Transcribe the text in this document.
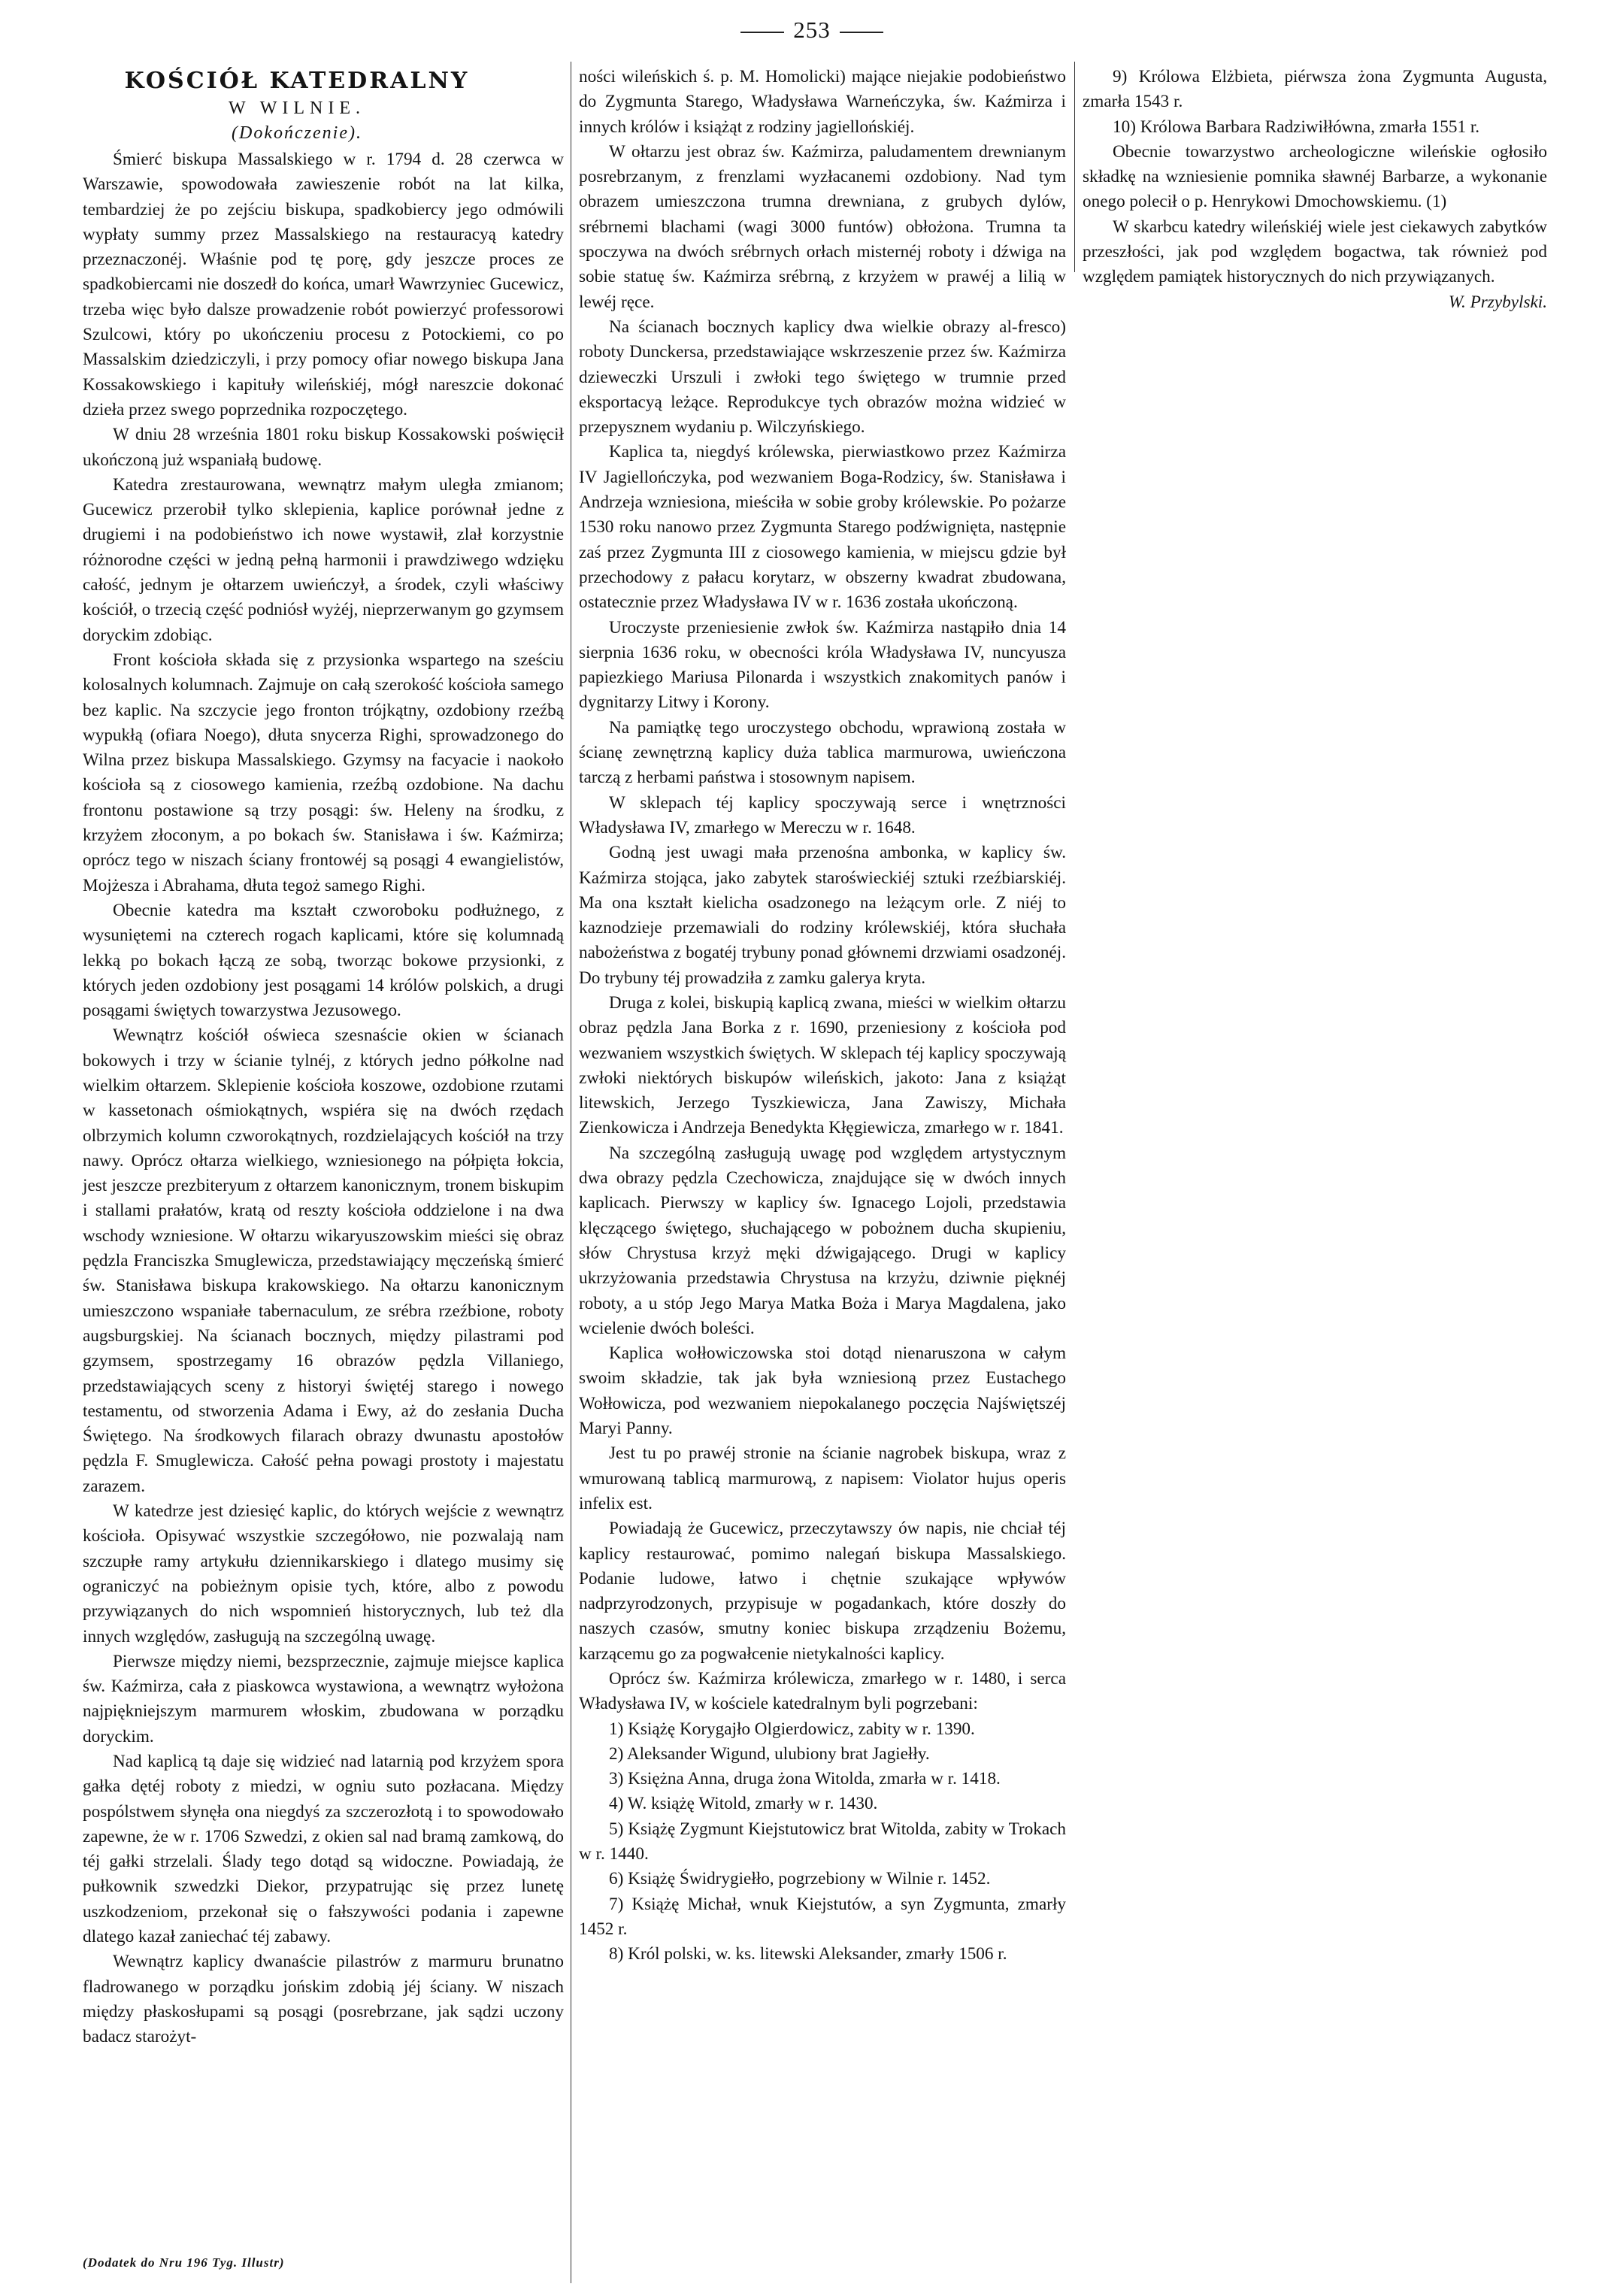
253
KOŚCIÓŁ KATEDRALNY
W WILNIE.
(Dokończenie).

Śmierć biskupa Massalskiego w r. 1794 d. 28 czerwca w Warszawie, spowodowała zawieszenie robót na lat kilka, tembardziej że po zejściu biskupa, spadkobiercy jego odmówili wypłaty summy przez Massalskiego na restauracyą katedry przeznaczonéj. Właśnie pod tę porę, gdy jeszcze proces ze spadkobiercami nie doszedł do końca, umarł Wawrzyniec Gucewicz, trzeba więc było dalsze prowadzenie robót powierzyć professorowi Szulcowi, który po ukończeniu procesu z Potockiemi, co po Massalskim dziedziczyli, i przy pomocy ofiar nowego biskupa Jana Kossakowskiego i kapituły wileńskiéj, mógł nareszcie dokonać dzieła przez swego poprzednika rozpoczętego.

W dniu 28 września 1801 roku biskup Kossakowski poświęcił ukończoną już wspaniałą budowę.

Katedra zrestaurowana, wewnątrz małym uległa zmianom; Gucewicz przerobił tylko sklepienia, kaplice porównał jedne z drugiemi i na podobieństwo ich nowe wystawił, zlał korzystnie różnorodne części w jedną pełną harmonii i prawdziwego wdzięku całość, jednym je ołtarzem uwieńczył, a środek, czyli właściwy kościół, o trzecią część podniósł wyżéj, nieprzerwanym go gzymsem doryckim zdobiąc.

Front kościoła składa się z przysionka wspartego na sześciu kolosalnych kolumnach. Zajmuje on całą szerokość kościoła samego bez kaplic. Na szczycie jego fronton trójkątny, ozdobiony rzeźbą wypukłą (ofiara Noego), dłuta snycerza Righi, sprowadzonego do Wilna przez biskupa Massalskiego. Gzymsy na facyacie i naokoło kościoła są z ciosowego kamienia, rzeźbą ozdobione. Na dachu frontonu postawione są trzy posągi: św. Heleny na środku, z krzyżem złoconym, a po bokach św. Stanisława i św. Kaźmirza; oprócz tego w niszach ściany frontowéj są posągi 4 ewangielistów, Mojżesza i Abrahama, dłuta tegoż samego Righi.

Obecnie katedra ma kształt czworoboku podłużnego, z wysuniętemi na czterech rogach kaplicami, które się kolumnadą lekką po bokach łączą ze sobą, tworząc bokowe przysionki, z których jeden ozdobiony jest posągami 14 królów polskich, a drugi posągami świętych towarzystwa Jezusowego.

Wewnątrz kościół oświeca szesnaście okien w ścianach bokowych i trzy w ścianie tylnéj, z których jedno półkolne nad wielkim ołtarzem. Sklepienie kościoła koszowe, ozdobione rzutami w kassetonach ośmiokątnych, wspiéra się na dwóch rzędach olbrzymich kolumn czworokątnych, rozdzielających kościół na trzy nawy. Oprócz ołtarza wielkiego, wzniesionego na półpięta łokcia, jest jeszcze prezbiteryum z ołtarzem kanonicznym, tronem biskupim i stallami prałatów, kratą od reszty kościoła oddzielone i na dwa wschody wzniesione. W ołtarzu wikaryuszowskim mieści się obraz pędzla Franciszka Smuglewicza, przedstawiający męczeńską śmierć św. Stanisława biskupa krakowskiego. Na ołtarzu kanonicznym umieszczono wspaniałe tabernaculum, ze srébra rzeźbione, roboty augsburgskiej. Na ścianach bocznych, między pilastrami pod gzymsem, spostrzegamy 16 obrazów pędzla Villaniego, przedstawiających sceny z historyi świętéj starego i nowego testamentu, od stworzenia Adama i Ewy, aż do zesłania Ducha Świętego. Na środkowych filarach obrazy dwunastu apostołów pędzla F. Smuglewicza. Całość pełna powagi prostoty i majestatu zarazem.

W katedrze jest dziesięć kaplic, do których wejście z wewnątrz kościoła. Opisywać wszystkie szczegółowo, nie pozwalają nam szczupłe ramy artykułu dziennikarskiego i dlatego musimy się ograniczyć na pobieżnym opisie tych, które, albo z powodu przywiązanych do nich wspomnień historycznych, lub też dla innych względów, zasługują na szczególną uwagę.

Pierwsze między niemi, bezsprzecznie, zajmuje miejsce kaplica św. Kaźmirza, cała z piaskowca wystawiona, a wewnątrz wyłożona najpiękniejszym marmurem włoskim, zbudowana w porządku doryckim.

Nad kaplicą tą daje się widzieć nad latarnią pod krzyżem spora gałka dętéj roboty z miedzi, w ogniu suto pozłacana. Między pospólstwem słynęła ona niegdyś za szczerozłotą i to spowodowało zapewne, że w r. 1706 Szwedzi, z okien sal nad bramą zamkową, do téj gałki strzelali. Ślady tego dotąd są widoczne. Powiadają, że pułkownik szwedzki Diekor, przypatrując się przez lunetę uszkodzeniom, przekonał się o fałszywości podania i zapewne dlatego kazał zaniechać téj zabawy.

Wewnątrz kaplicy dwanaście pilastrów z marmuru brunatno fladrowanego w porządku jońskim zdobią jéj ściany. W niszach między płaskosłupami są posągi (posrebrzane, jak sądzi uczony badacz starożyt-

ności wileńskich ś. p. M. Homolicki) mające niejakie podobieństwo do Zygmunta Starego, Władysława Warneńczyka, św. Kaźmirza i innych królów i książąt z rodziny jagiellońskiéj.

W ołtarzu jest obraz św. Kaźmirza, paludamentem drewnianym posrebrzanym, z frenzlami wyzłacanemi ozdobiony. Nad tym obrazem umieszczona trumna drewniana, z grubych dylów, srébrnemi blachami (wagi 3000 funtów) obłożona. Trumna ta spoczywa na dwóch srébrnych orłach misternéj roboty i dźwiga na sobie statuę św. Kaźmirza srébrną, z krzyżem w prawéj a lilią w lewéj ręce.

Na ścianach bocznych kaplicy dwa wielkie obrazy al-fresco) roboty Dunckersa, przedstawiające wskrzeszenie przez św. Kaźmirza dzieweczki Urszuli i zwłoki tego świętego w trumnie przed eksportacyą leżące. Reprodukcye tych obrazów można widzieć w przepysznem wydaniu p. Wilczyńskiego.

Kaplica ta, niegdyś królewska, pierwiastkowo przez Kaźmirza IV Jagiellończyka, pod wezwaniem Boga-Rodzicy, św. Stanisława i Andrzeja wzniesiona, mieściła w sobie groby królewskie. Po pożarze 1530 roku nanowo przez Zygmunta Starego podźwignięta, następnie zaś przez Zygmunta III z ciosowego kamienia, w miejscu gdzie był przechodowy z pałacu korytarz, w obszerny kwadrat zbudowana, ostatecznie przez Władysława IV w r. 1636 została ukończoną.

Uroczyste przeniesienie zwłok św. Kaźmirza nastąpiło dnia 14 sierpnia 1636 roku, w obecności króla Władysława IV, nuncyusza papiezkiego Mariusa Pilonarda i wszystkich znakomitych panów i dygnitarzy Litwy i Korony.

Na pamiątkę tego uroczystego obchodu, wprawioną została w ścianę zewnętrzną kaplicy duża tablica marmurowa, uwieńczona tarczą z herbami państwa i stosownym napisem.

W sklepach téj kaplicy spoczywają serce i wnętrzności Władysława IV, zmarłego w Mereczu w r. 1648.

Godną jest uwagi mała przenośna ambonka, w kaplicy św. Kaźmirza stojąca, jako zabytek staroświeckiéj sztuki rzeźbiarskiéj. Ma ona kształt kielicha osadzonego na leżącym orle. Z niéj to kaznodzieje przemawiali do rodziny królewskiéj, która słuchała nabożeństwa z bogatéj trybuny ponad głównemi drzwiami osadzonéj. Do trybuny téj prowadziła z zamku galerya kryta.

Druga z kolei, biskupią kaplicą zwana, mieści w wielkim ołtarzu obraz pędzla Jana Borka z r. 1690, przeniesiony z kościoła pod wezwaniem wszystkich świętych. W sklepach téj kaplicy spoczywają zwłoki niektórych biskupów wileńskich, jakoto: Jana z książąt litewskich, Jerzego Tyszkiewicza, Jana Zawiszy, Michała Zienkowicza i Andrzeja Benedykta Kłęgiewicza, zmarłego w r. 1841.

Na szczególną zasługują uwagę pod względem artystycznym dwa obrazy pędzla Czechowicza, znajdujące się w dwóch innych kaplicach. Pierwszy w kaplicy św. Ignacego Lojoli, przedstawia klęczącego świętego, słuchającego w pobożnem ducha skupieniu, słów Chrystusa krzyż męki dźwigającego. Drugi w kaplicy ukrzyżowania przedstawia Chrystusa na krzyżu, dziwnie pięknéj roboty, a u stóp Jego Marya Matka Boża i Marya Magdalena, jako wcielenie dwóch boleści.

Kaplica wołłowiczowska stoi dotąd nienaruszona w całym swoim składzie, tak jak była wzniesioną przez Eustachego Wołłowicza, pod wezwaniem niepokalanego poczęcia Najświętszéj Maryi Panny.

Jest tu po prawéj stronie na ścianie nagrobek biskupa, wraz z wmurowaną tablicą marmurową, z napisem: Violator hujus operis infelix est.

Powiadają że Gucewicz, przeczytawszy ów napis, nie chciał téj kaplicy restaurować, pomimo nalegań biskupa Massalskiego. Podanie ludowe, łatwo i chętnie szukające wpływów nadprzyrodzonych, przypisuje w pogadankach, które doszły do naszych czasów, smutny koniec biskupa zrządzeniu Bożemu, karzącemu go za pogwałcenie nietykalności kaplicy.

Oprócz św. Kaźmirza królewicza, zmarłego w r. 1480, i serca Władysława IV, w kościele katedralnym byli pogrzebani:

1) Książę Korygajło Olgierdowicz, zabity w r. 1390.

2) Aleksander Wigund, ulubiony brat Jagiełły.

3) Księżna Anna, druga żona Witolda, zmarła w r. 1418.

4) W. książę Witold, zmarły w r. 1430.

5) Książę Zygmunt Kiejstutowicz brat Witolda, zabity w Trokach w r. 1440.

6) Książę Świdrygiełło, pogrzebiony w Wilnie r. 1452.

7) Książę Michał, wnuk Kiejstutów, a syn Zygmunta, zmarły 1452 r.

8) Król polski, w. ks. litewski Aleksander, zmarły 1506 r.

9) Królowa Elżbieta, piérwsza żona Zygmunta Augusta, zmarła 1543 r.

10) Królowa Barbara Radziwiłłówna, zmarła 1551 r.

Obecnie towarzystwo archeologiczne wileńskie ogłosiło składkę na wzniesienie pomnika sławnéj Barbarze, a wykonanie onego polecił o p. Henrykowi Dmochowskiemu. (1)

W skarbcu katedry wileńskiéj wiele jest ciekawych zabytków przeszłości, jak pod względem bogactwa, tak również pod względem pamiątek historycznych do nich przywiązanych.

W. Przybylski.

(Dodatek do Nru 196 Tyg. Illustr)
